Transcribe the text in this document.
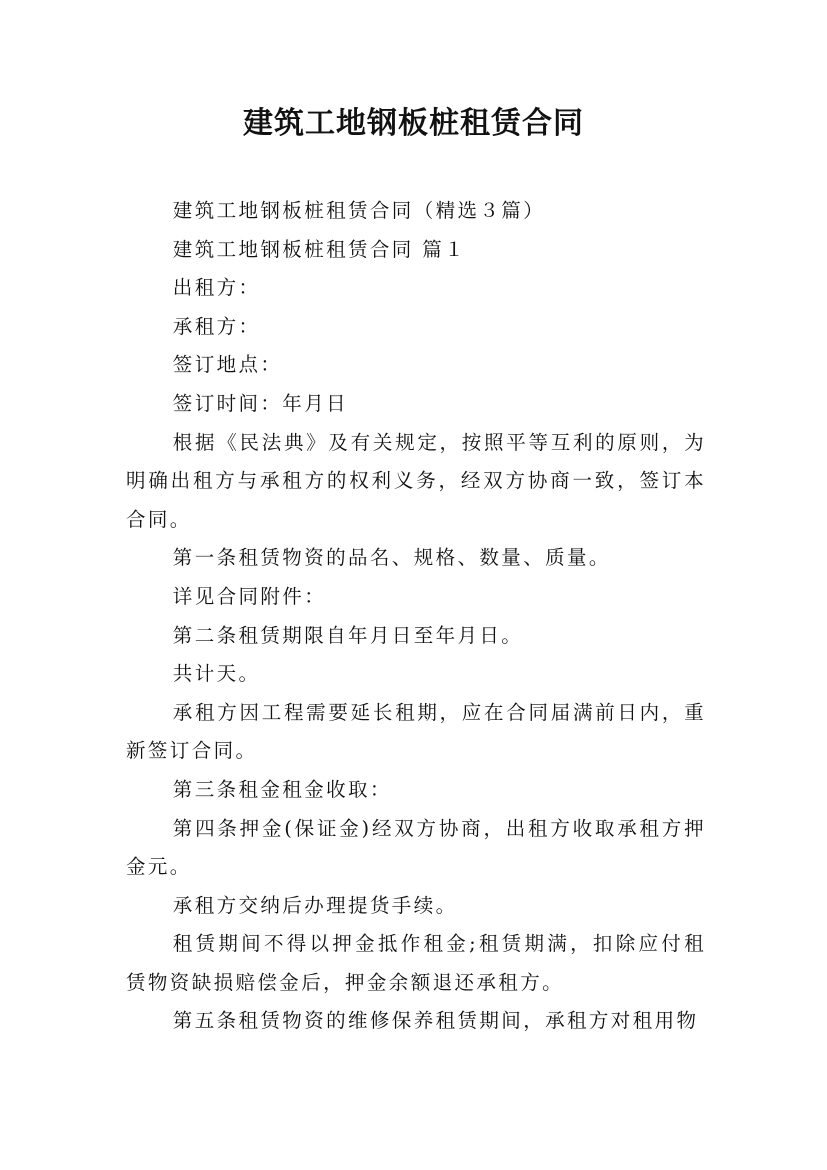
建筑工地钢板桩租赁合同

建筑工地钢板桩租赁合同（精选３篇）

建筑工地钢板桩租赁合同 篇１

出租方：

承租方：

签订地点：

签订时间：年月日

根据《民法典》及有关规定，按照平等互利的原则，为明确出租方与承租方的权利义务，经双方协商一致，签订本合同。

第一条租赁物资的品名、规格、数量、质量。

详见合同附件：

第二条租赁期限自年月日至年月日。

共计天。

承租方因工程需要延长租期，应在合同届满前日内，重新签订合同。

第三条租金租金收取：

第四条押金(保证金)经双方协商，出租方收取承租方押金元。

承租方交纳后办理提货手续。

租赁期间不得以押金抵作租金;租赁期满，扣除应付租赁物资缺损赔偿金后，押金余额退还承租方。

第五条租赁物资的维修保养租赁期间，承租方对租用物
